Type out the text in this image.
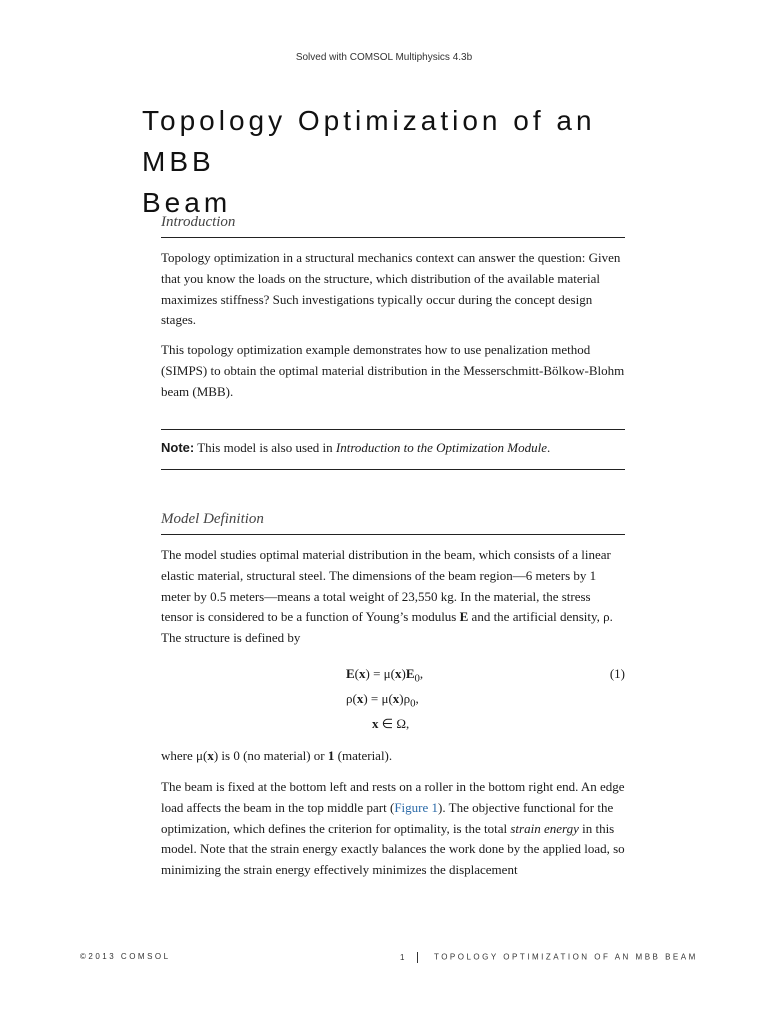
Solved with COMSOL Multiphysics 4.3b
Topology Optimization of an MBB
Beam
Introduction

Topology optimization in a structural mechanics context can answer the question: Given that you know the loads on the structure, which distribution of the available material maximizes stiffness? Such investigations typically occur during the concept design stages.

This topology optimization example demonstrates how to use penalization method (SIMPS) to obtain the optimal material distribution in the Messerschmitt-Bölkow-Blohm beam (MBB).

Note: This model is also used in Introduction to the Optimization Module.
Model Definition

The model studies optimal material distribution in the beam, which consists of a linear elastic material, structural steel. The dimensions of the beam region—6 meters by 1 meter by 0.5 meters—means a total weight of 23,550 kg. In the material, the stress tensor is considered to be a function of Young’s modulus E and the artificial density, ρ. The structure is defined by

$E(x) = \mu(x)E_0$,	(1)
$\rho(x) = \mu(x)\rho_0$,
x ∈ Ω,

where μ(x) is 0 (no material) or 1 (material).

The beam is fixed at the bottom left and rests on a roller in the bottom right end. An edge load affects the beam in the top middle part (Figure 1). The objective functional for the optimization, which defines the criterion for optimality, is the total strain energy in this model. Note that the strain energy exactly balances the work done by the applied load, so minimizing the strain energy effectively minimizes the displacement

©2013 COMSOL	1	TOPOLOGY OPTIMIZATION OF AN MBB BEAM
